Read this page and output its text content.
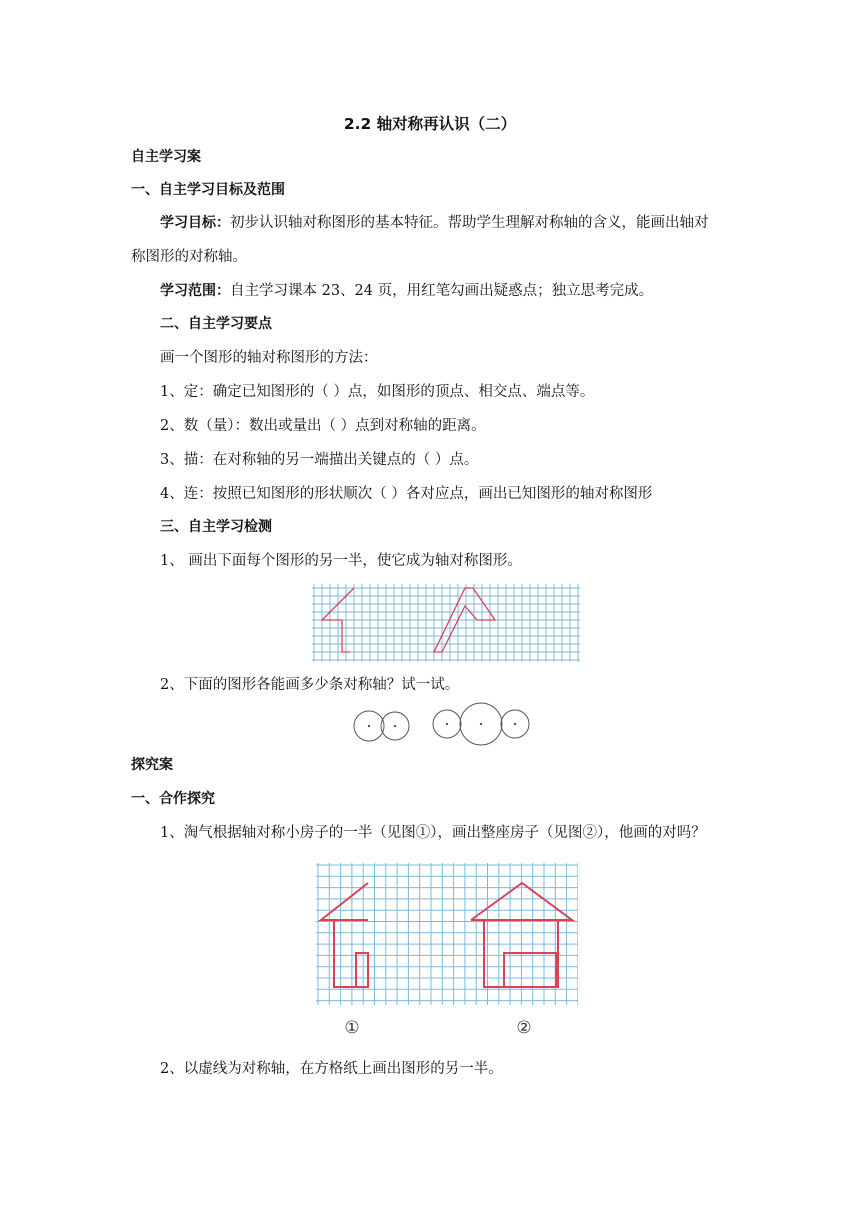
2.2 轴对称再认识（二）
自主学习案
一、自主学习目标及范围
学习目标：初步认识轴对称图形的基本特征。帮助学生理解对称轴的含义，能画出轴对
称图形的对称轴。
学习范围：自主学习课本 23、24 页，用红笔勾画出疑惑点；独立思考完成。
二、自主学习要点
画一个图形的轴对称图形的方法：
1、定：确定已知图形的（ ）点，如图形的顶点、相交点、端点等。
2、数（量）：数出或量出（ ）点到对称轴的距离。
3、描：在对称轴的另一端描出关键点的（ ）点。
4、连：按照已知图形的形状顺次（ ）各对应点，画出已知图形的轴对称图形
三、自主学习检测
1、 画出下面每个图形的另一半，使它成为轴对称图形。
2、下面的图形各能画多少条对称轴？试一试。
探究案
一、合作探究
1、淘气根据轴对称小房子的一半（见图①），画出整座房子（见图②），他画的对吗？
①	②
2、以虚线为对称轴，在方格纸上画出图形的另一半。
